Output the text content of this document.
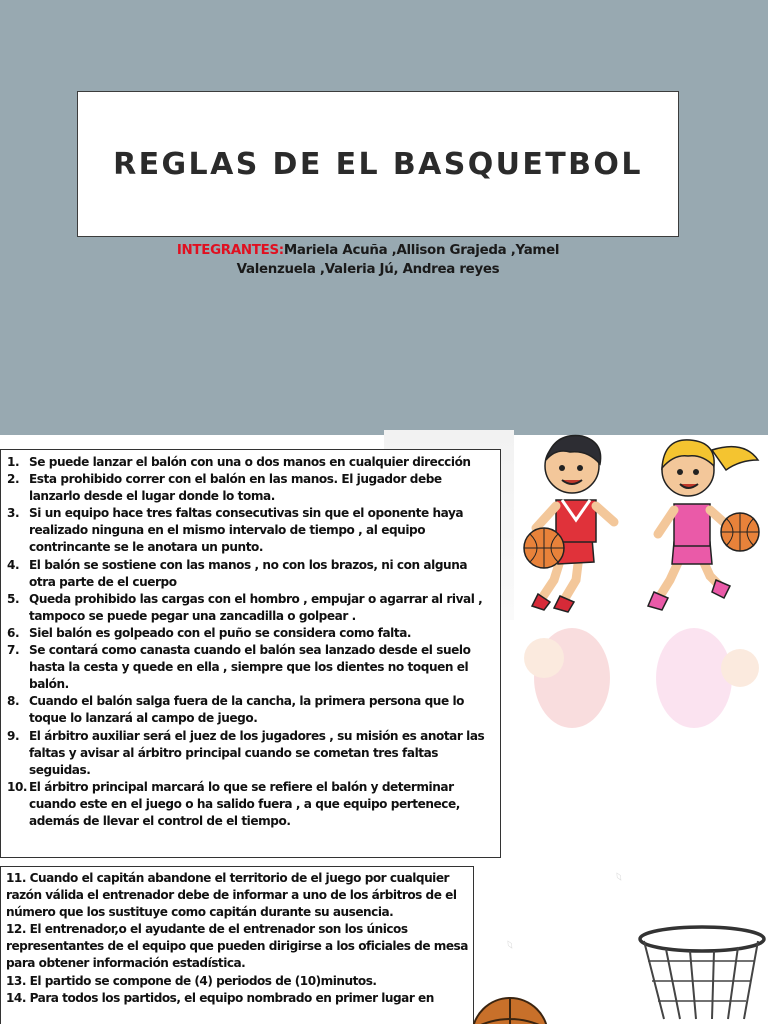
REGLAS DE EL BASQUETBOL
INTEGRANTES:Mariela Acuña ,Allison Grajeda ,Yamel
Valenzuela ,Valeria Jú, Andrea reyes
1. Se puede lanzar el balón con una o dos manos en cualquier dirección
2. Esta prohibido correr con el balón en las manos. El jugador debe lanzarlo desde el lugar donde lo toma.
3. Si un equipo hace tres faltas consecutivas sin que el oponente haya realizado ninguna en el mismo intervalo de tiempo , al equipo contrincante se le anotara un punto.
4. El balón se sostiene con las manos , no con los brazos, ni con alguna otra parte de el cuerpo
5. Queda prohibido las cargas con el hombro , empujar o agarrar al rival , tampoco se puede pegar una zancadilla o golpear .
6. Siel balón es golpeado con el puño se considera como falta.
7. Se contará como canasta cuando el balón sea lanzado desde el suelo hasta la cesta y quede en ella , siempre que los dientes no toquen el balón.
8. Cuando el balón salga fuera de la cancha, la primera persona que lo toque lo lanzará al campo de juego.
9. El árbitro auxiliar será el juez de los jugadores , su misión es anotar las faltas y avisar al árbitro principal cuando se cometan tres faltas seguidas.
10. El árbitro principal marcará lo que se refiere el balón y determinar cuando este en el juego o ha salido fuera , a que equipo pertenece, además de llevar el control de el tiempo.

11. Cuando el capitán abandone el territorio de el juego por cualquier razón válida el entrenador debe de informar a uno de los árbitros de el número que los sustituye como capitán durante su ausencia.

12. El entrenador,o el ayudante de el entrenador son los únicos representantes de el equipo que pueden dirigirse a los oficiales de mesa para obtener información estadística.

13. El partido se compone de (4) periodos de (10)minutos.

14. Para todos los partidos, el equipo nombrado en primer lugar en

◊
◊
